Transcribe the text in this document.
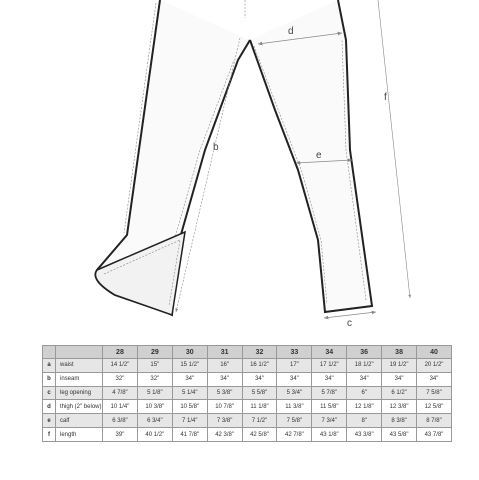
d
e
b
f
c
		28	29	30	31	32	33	34	36	38	40
a	waist	14 1/2"	15"	15 1/2"	16"	16 1/2"	17"	17 1/2"	18 1/2"	19 1/2"	20 1/2"
b	inseam	32"	32"	34"	34"	34"	34"	34"	34"	34"	34"
c	leg opening	4 7/8"	5 1/8"	5 1/4"	5 3/8"	5 5/8"	5 3/4"	5 7/8"	6"	6 1/2"	7 5/8"
d	thigh (2" below)	10 1/4"	10 3/8"	10 5/8"	10 7/8"	11 1/8"	11 3/8"	11 5/8"	12 1/8"	12 3/8"	12 5/8"
e	calf	6 3/8"	6 3/4"	7 1/4"	7 3/8"	7 1/2"	7 5/8"	7 3/4"	8"	8 3/8"	8 7/8"
f	length	39"	40 1/2"	41 7/8"	42 3/8"	42 5/8"	42 7/8"	43 1/8"	43 3/8"	43 5/8"	43 7/8"
